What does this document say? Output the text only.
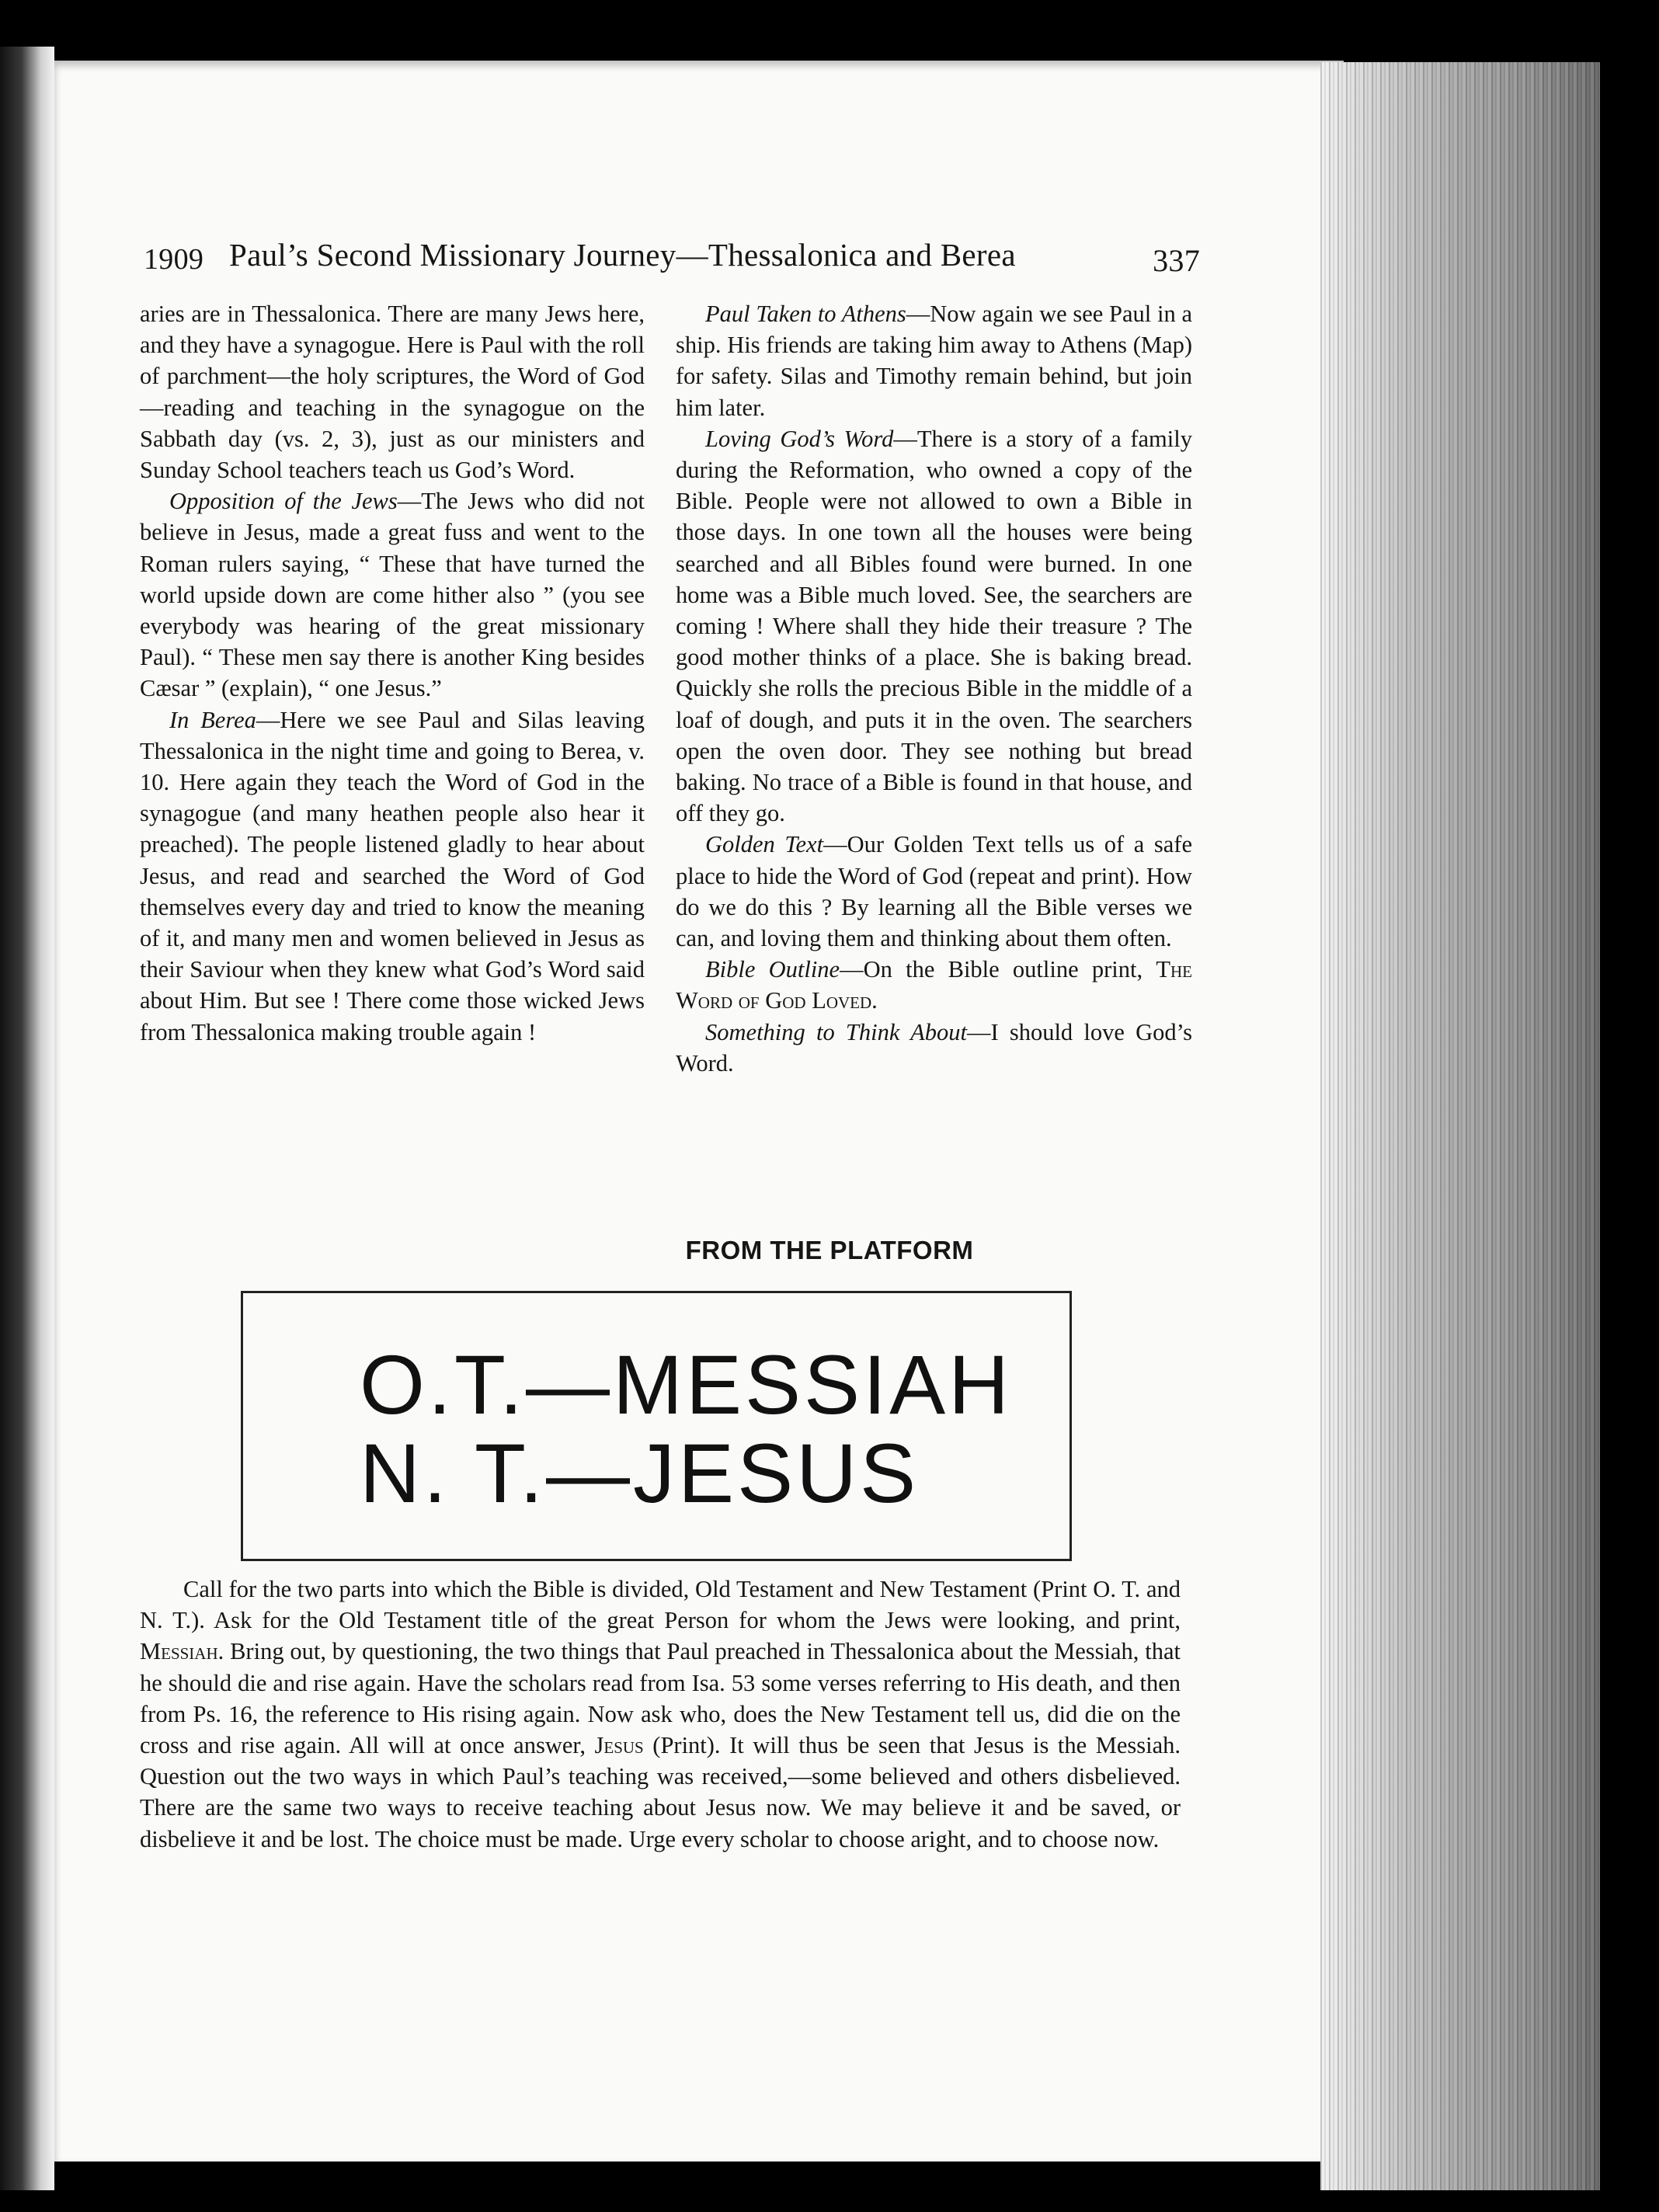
1909 Paul’s Second Missionary Journey—Thessalonica and Berea	337

aries are in Thessalonica. There are many Jews here, and they have a synagogue. Here is Paul with the roll of parchment—the holy scriptures, the Word of God—reading and teaching in the synagogue on the Sabbath day (vs. 2, 3), just as our ministers and Sunday School teachers teach us God’s Word.

Opposition of the Jews—The Jews who did not believe in Jesus, made a great fuss and went to the Roman rulers saying, “ These that have turned the world upside down are come hither also ” (you see everybody was hearing of the great missionary Paul). “ These men say there is another King besides Cæsar ” (explain), “ one Jesus.”

In Berea—Here we see Paul and Silas leaving Thessalonica in the night time and going to Berea, v. 10. Here again they teach the Word of God in the synagogue (and many heathen people also hear it preached). The people listened gladly to hear about Jesus, and read and searched the Word of God themselves every day and tried to know the meaning of it, and many men and women believed in Jesus as their Saviour when they knew what God’s Word said about Him. But see ! There come those wicked Jews from Thessalonica making trouble again !

Paul Taken to Athens—Now again we see Paul in a ship. His friends are taking him away to Athens (Map) for safety. Silas and Timothy remain behind, but join him later.

Loving God’s Word—There is a story of a family during the Reformation, who owned a copy of the Bible. People were not allowed to own a Bible in those days. In one town all the houses were being searched and all Bibles found were burned. In one home was a Bible much loved. See, the searchers are coming ! Where shall they hide their treasure ? The good mother thinks of a place. She is baking bread. Quickly she rolls the precious Bible in the middle of a loaf of dough, and puts it in the oven. The searchers open the oven door. They see nothing but bread baking. No trace of a Bible is found in that house, and off they go.

Golden Text—Our Golden Text tells us of a safe place to hide the Word of God (repeat and print). How do we do this ? By learning all the Bible verses we can, and loving them and thinking about them often.

Bible Outline—On the Bible outline print, The Word of God Loved.

Something to Think About—I should love God’s Word.

FROM THE PLATFORM
O.T.—MESSIAH
N. T.—JESUS

Call for the two parts into which the Bible is divided, Old Testament and New Testament (Print O. T. and N. T.). Ask for the Old Testament title of the great Person for whom the Jews were looking, and print, Messiah. Bring out, by questioning, the two things that Paul preached in Thessalonica about the Messiah, that he should die and rise again. Have the scholars read from Isa. 53 some verses referring to His death, and then from Ps. 16, the reference to His rising again. Now ask who, does the New Testament tell us, did die on the cross and rise again. All will at once answer, Jesus (Print). It will thus be seen that Jesus is the Messiah. Question out the two ways in which Paul’s teaching was received,—some believed and others disbelieved. There are the same two ways to receive teaching about Jesus now. We may believe it and be saved, or disbelieve it and be lost. The choice must be made. Urge every scholar to choose aright, and to choose now.
